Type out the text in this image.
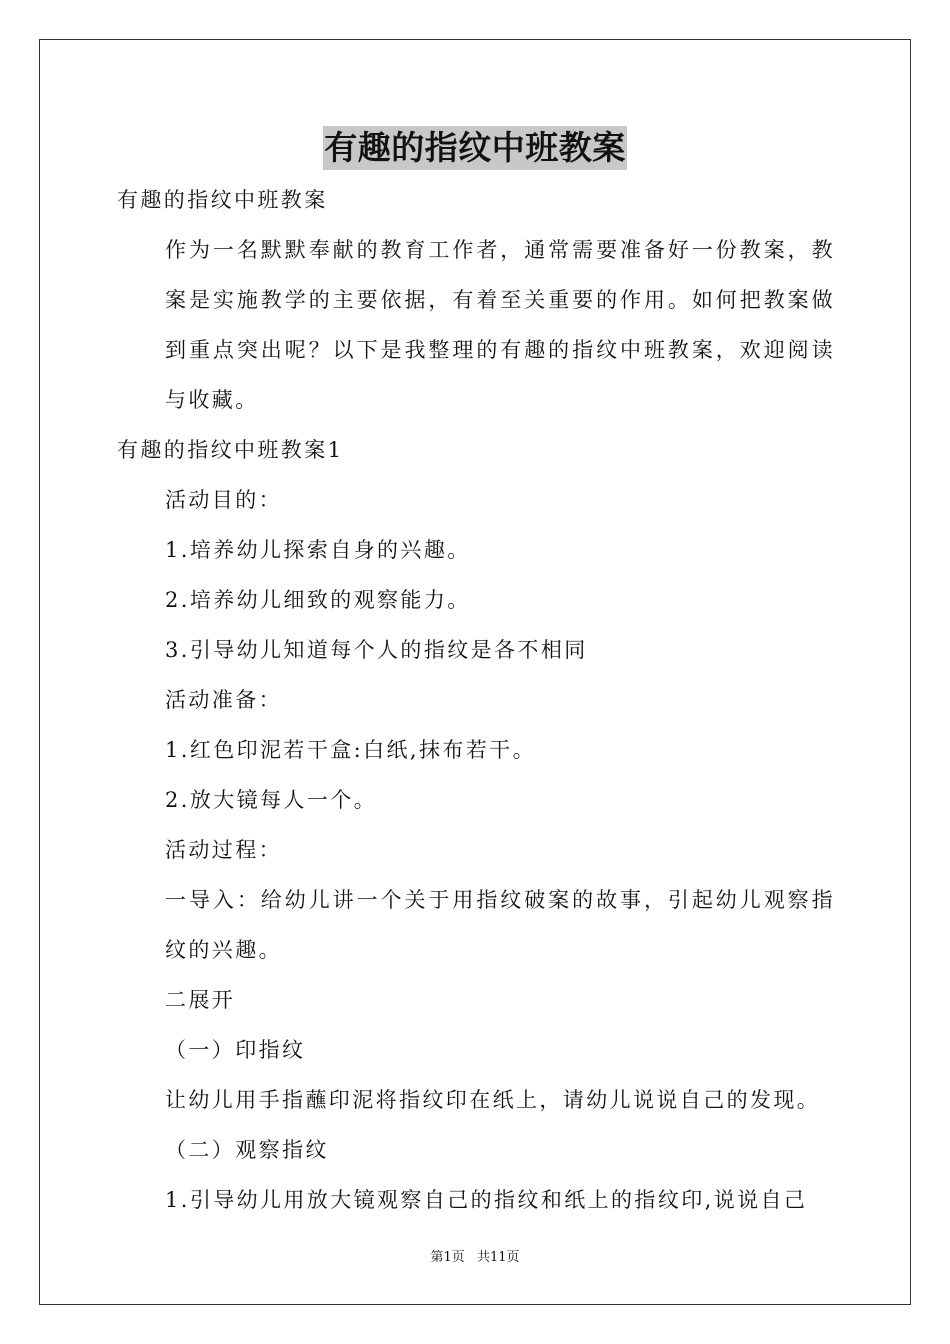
有趣的指纹中班教案

有趣的指纹中班教案

作为一名默默奉献的教育工作者，通常需要准备好一份教案，教案是实施教学的主要依据，有着至关重要的作用。如何把教案做到重点突出呢？以下是我整理的有趣的指纹中班教案，欢迎阅读与收藏。

有趣的指纹中班教案1

活动目的：

1.培养幼儿探索自身的兴趣。

2.培养幼儿细致的观察能力。

3.引导幼儿知道每个人的指纹是各不相同

活动准备：

1.红色印泥若干盒:白纸,抹布若干。

2.放大镜每人一个。

活动过程：

一导入：给幼儿讲一个关于用指纹破案的故事，引起幼儿观察指纹的兴趣。

二展开

（一）印指纹

让幼儿用手指蘸印泥将指纹印在纸上，请幼儿说说自己的发现。

（二）观察指纹

1.引导幼儿用放大镜观察自己的指纹和纸上的指纹印,说说自己

第1页 共11页
